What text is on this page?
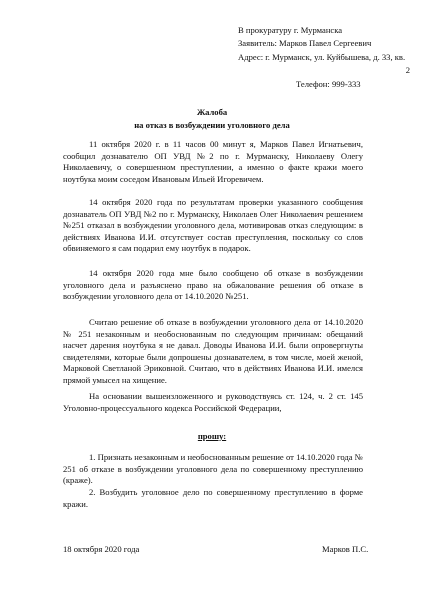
В прокуратуру г. Мурманска
Заявитель: Марков Павел Сергеевич
Адрес: г. Мурманск, ул. Куйбышева, д. 33, кв.
2
Телефон: 999-333
Жалоба
на отказ в возбуждении уголовного дела

11 октября 2020 г. в 11 часов 00 минут я, Марков Павел Игнатьевич, сообщил дознавателю ОП УВД №2 по г. Мурманску, Николаеву Олегу Николаевичу, о совершенном преступлении, а именно о факте кражи моего ноутбука моим соседом Ивановым Ильей Игоревичем.

14 октября 2020 года по результатам проверки указанного сообщения дознаватель ОП УВД №2 по г. Мурманску, Николаев Олег Николаевич решением №251 отказал в возбуждении уголовного дела, мотивировав отказ следующим: в действиях Иванова И.И. отсутствует состав преступления, поскольку со слов обвиняемого я сам подарил ему ноутбук в подарок.

14 октября 2020 года мне было сообщено об отказе в возбуждении уголовного дела и разъяснено право на обжалование решения об отказе в возбуждении уголовного дела от 14.10.2020 №251.

Считаю решение об отказе в возбуждении уголовного дела от 14.10.2020 № 251 незаконным и необоснованным по следующим причинам: обещаний насчет дарения ноутбука я не давал. Доводы Иванова И.И. были опровергнуты свидетелями, которые были допрошены дознавателем, в том числе, моей женой, Марковой Светланой Эриковной. Считаю, что в действиях Иванова И.И. имелся прямой умысел на хищение.

На основании вышеизложенного и руководствуясь ст. 124, ч. 2 ст. 145 Уголовно-процессуального кодекса Российской Федерации,

прошу:

1. Признать незаконным и необоснованным решение от 14.10.2020 года № 251 об отказе в возбуждении уголовного дела по совершенному преступлению (краже).

2. Возбудить уголовное дело по совершенному преступлению в форме кражи.

18 октября 2020 года	Марков П.С.
